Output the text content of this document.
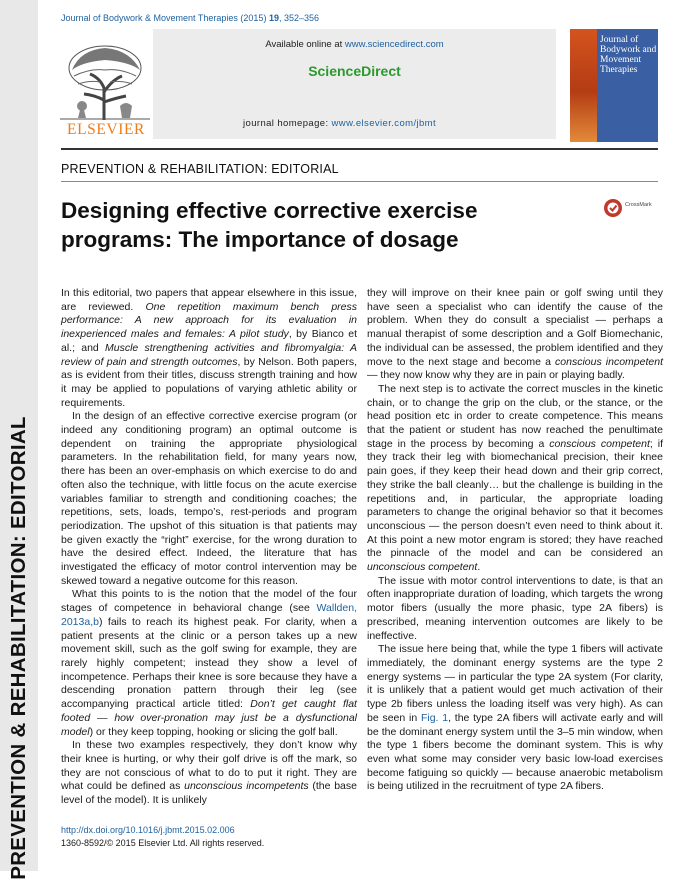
PREVENTION & REHABILITATION: EDITORIAL
Journal of Bodywork & Movement Therapies (2015) 19, 352–356
ELSEVIER
Available online at www.sciencedirect.com
ScienceDirect
journal homepage: www.elsevier.com/jbmt
Journal of Bodywork and Movement Therapies
PREVENTION & REHABILITATION: EDITORIAL
Designing effective corrective exercise programs: The importance of dosage
CrossMark

In this editorial, two papers that appear elsewhere in this issue, are reviewed. One repetition maximum bench press performance: A new approach for its evaluation in inexperienced males and females: A pilot study, by Bianco et al.; and Muscle strengthening activities and fibromyalgia: A review of pain and strength outcomes, by Nelson. Both papers, as is evident from their titles, discuss strength training and how it may be applied to populations of varying athletic ability or requirements.

In the design of an effective corrective exercise program (or indeed any conditioning program) an optimal outcome is dependent on training the appropriate physiological parameters. In the rehabilitation field, for many years now, there has been an over-emphasis on which exercise to do and often also the technique, with little focus on the acute exercise variables familiar to strength and conditioning coaches; the repetitions, sets, loads, tempo’s, rest-periods and program periodization. The upshot of this situation is that patients may be given exactly the “right” exercise, for the wrong duration to have the desired effect. Indeed, the literature that has investigated the efficacy of motor control intervention may be skewed toward a negative outcome for this reason.

What this points to is the notion that the model of the four stages of competence in behavioral change (see Wallden, 2013a,b) fails to reach its highest peak. For clarity, when a patient presents at the clinic or a person takes up a new movement skill, such as the golf swing for example, they are rarely highly competent; instead they show a level of incompetence. Perhaps their knee is sore because they have a descending pronation pattern through their leg (see accompanying practical article titled: Don’t get caught flat footed — how over-pronation may just be a dysfunctional model) or they keep topping, hooking or slicing the golf ball.

In these two examples respectively, they don’t know why their knee is hurting, or why their golf drive is off the mark, so they are not conscious of what to do to put it right. They are what could be defined as unconscious incompetents (the base level of the model). It is unlikely

they will improve on their knee pain or golf swing until they have seen a specialist who can identify the cause of the problem. When they do consult a specialist — perhaps a manual therapist of some description and a Golf Biomechanic, the individual can be assessed, the problem identified and they move to the next stage and become a conscious incompetent — they now know why they are in pain or playing badly.

The next step is to activate the correct muscles in the kinetic chain, or to change the grip on the club, or the stance, or the head position etc in order to create competence. This means that the patient or student has now reached the penultimate stage in the process by becoming a conscious competent; if they track their leg with biomechanical precision, their knee pain goes, if they keep their head down and their grip correct, they strike the ball cleanly… but the challenge is building in the repetitions and, in particular, the appropriate loading parameters to change the original behavior so that it becomes unconscious — the person doesn’t even need to think about it. At this point a new motor engram is stored; they have reached the pinnacle of the model and can be considered an unconscious competent.

The issue with motor control interventions to date, is that an often inappropriate duration of loading, which targets the wrong motor fibers (usually the more phasic, type 2A fibers) is prescribed, meaning intervention outcomes are likely to be ineffective.

The issue here being that, while the type 1 fibers will activate immediately, the dominant energy systems are the type 2 energy systems — in particular the type 2A system (For clarity, it is unlikely that a patient would get much activation of their type 2b fibers unless the loading itself was very high). As can be seen in Fig. 1, the type 2A fibers will activate early and will be the dominant energy system until the 3–5 min window, when the type 1 fibers become the dominant system. This is why even what some may consider very basic low-load exercises become fatiguing so quickly — because anaerobic metabolism is being utilized in the recruitment of type 2A fibers.

http://dx.doi.org/10.1016/j.jbmt.2015.02.006
1360-8592/© 2015 Elsevier Ltd. All rights reserved.
